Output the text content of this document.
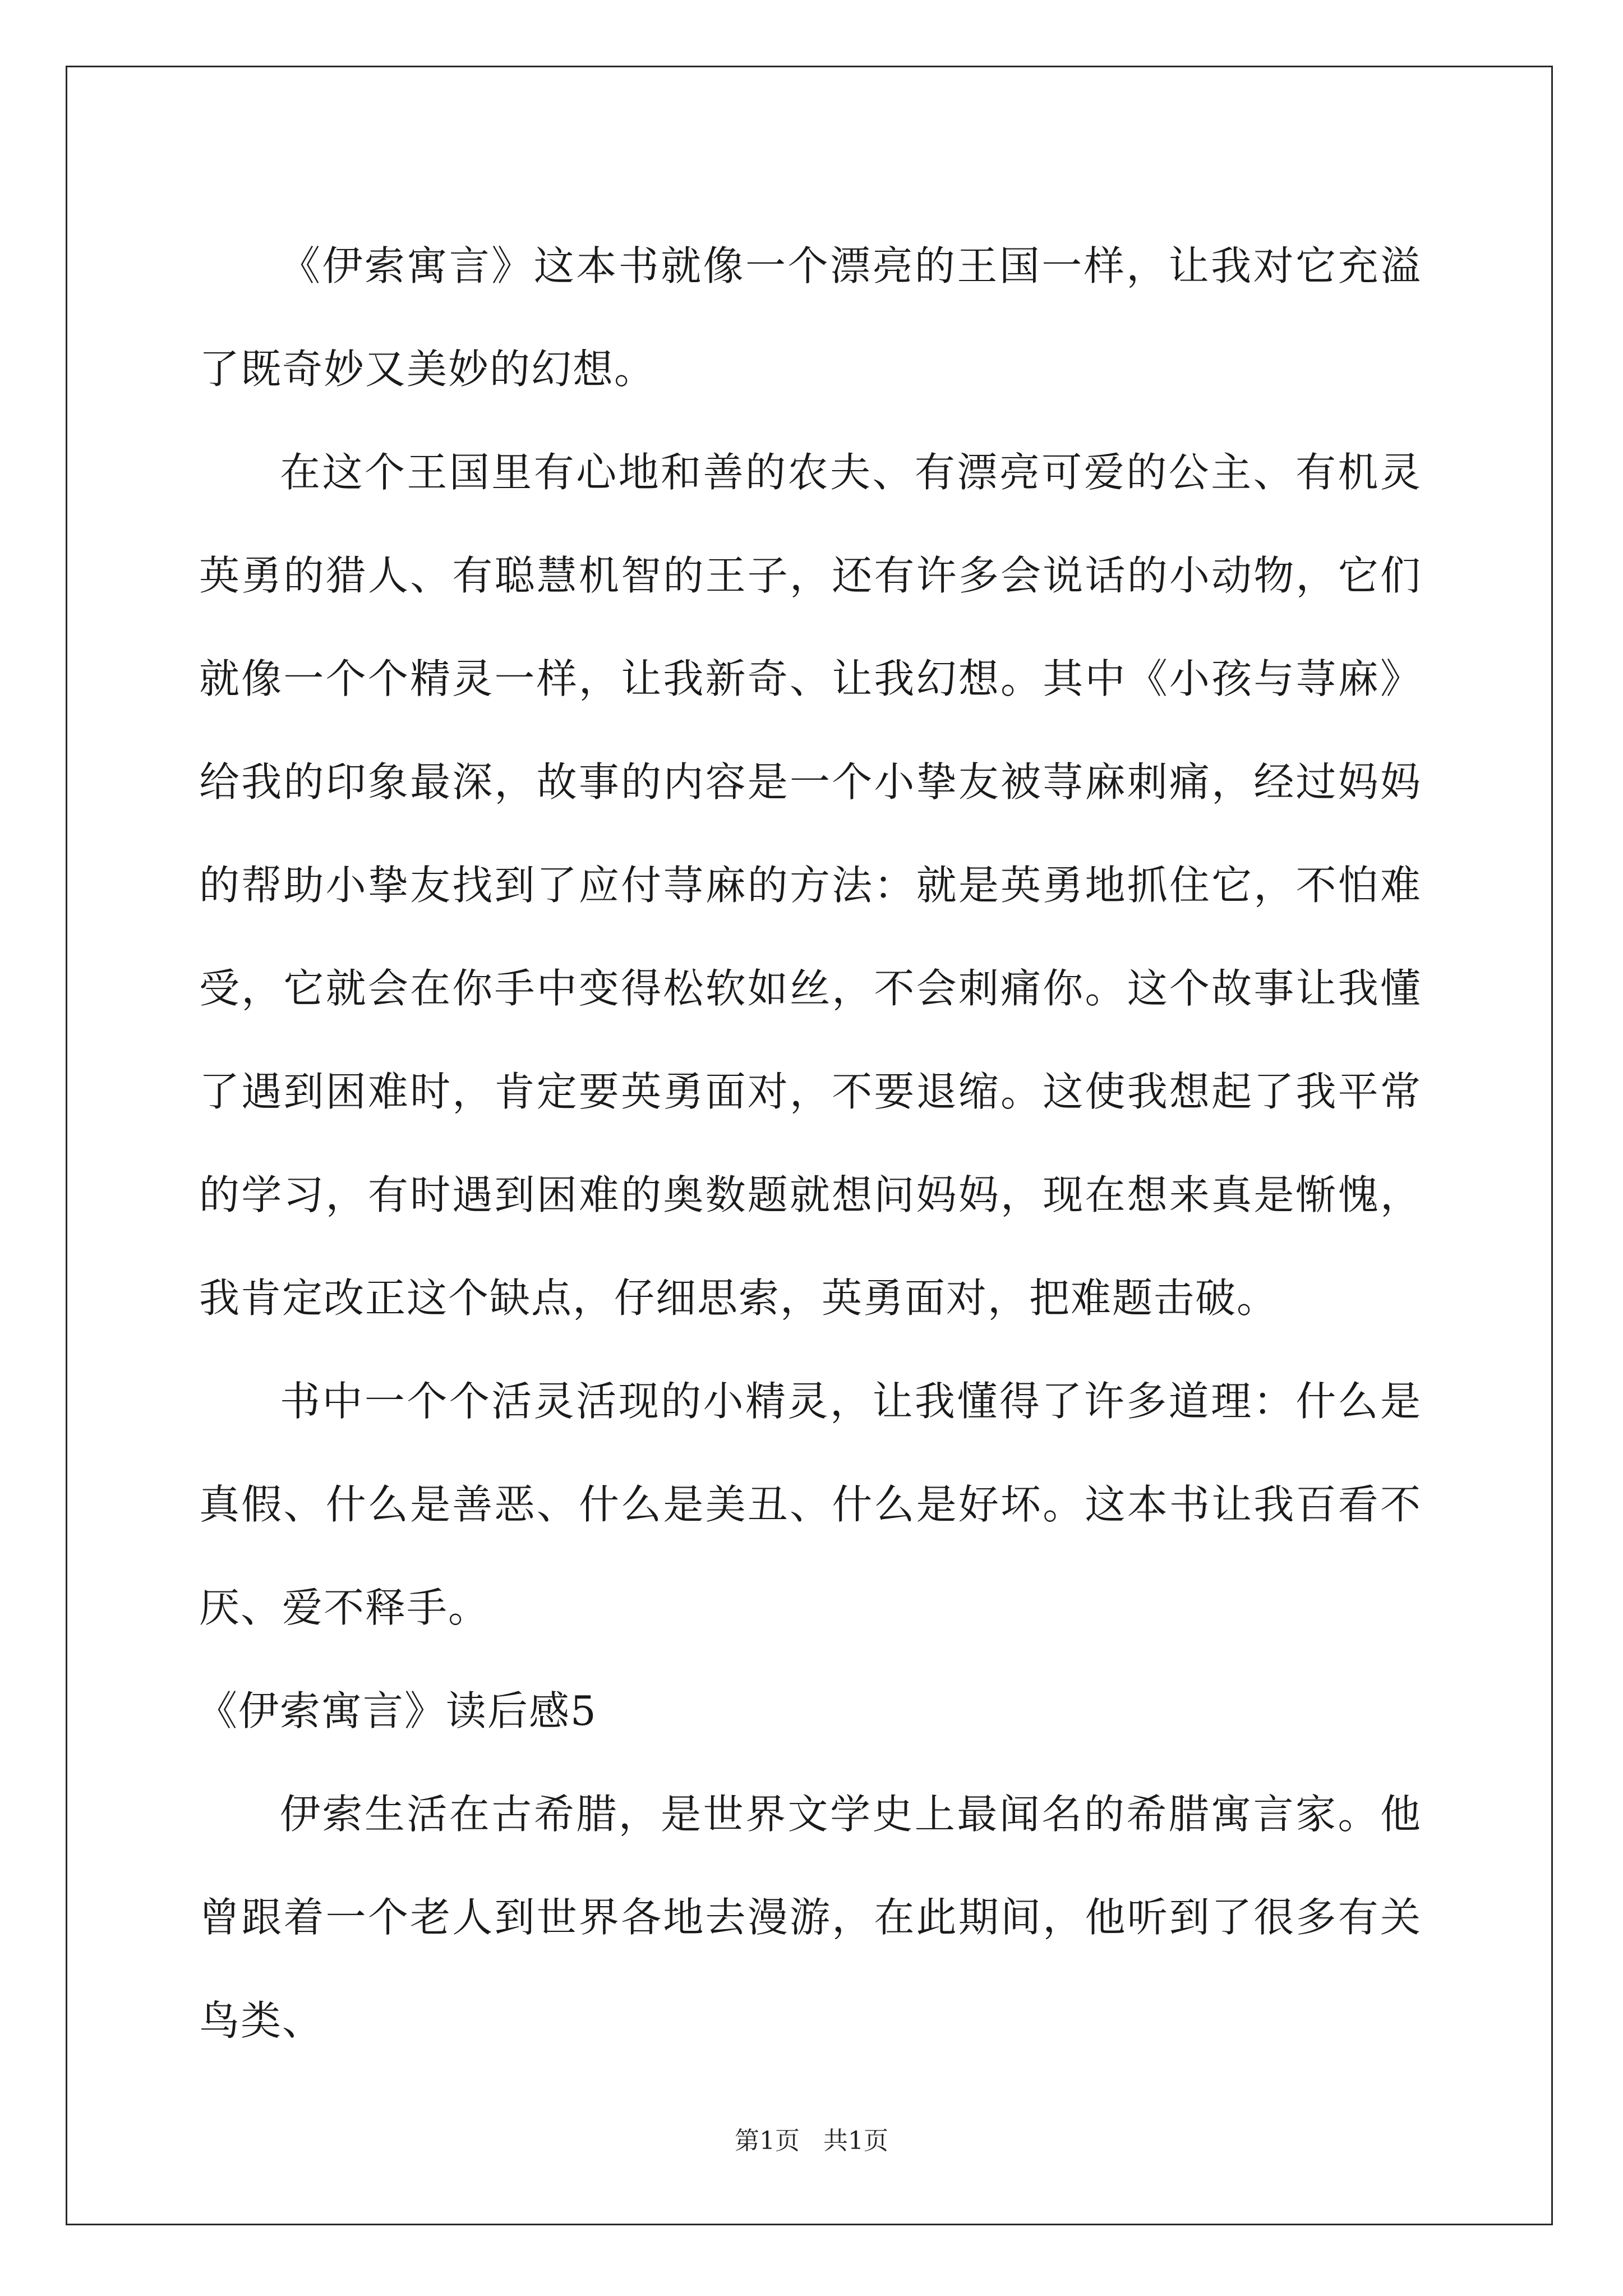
《伊索寓言》这本书就像一个漂亮的王国一样，让我对它充溢了既奇妙又美妙的幻想。

在这个王国里有心地和善的农夫、有漂亮可爱的公主、有机灵英勇的猎人、有聪慧机智的王子，还有许多会说话的小动物，它们就像一个个精灵一样，让我新奇、让我幻想。其中《小孩与荨麻》给我的印象最深，故事的内容是一个小挚友被荨麻刺痛，经过妈妈的帮助小挚友找到了应付荨麻的方法：就是英勇地抓住它，不怕难受，它就会在你手中变得松软如丝，不会刺痛你。这个故事让我懂了遇到困难时，肯定要英勇面对，不要退缩。这使我想起了我平常的学习，有时遇到困难的奥数题就想问妈妈，现在想来真是惭愧，我肯定改正这个缺点，仔细思索，英勇面对，把难题击破。

书中一个个活灵活现的小精灵，让我懂得了许多道理：什么是真假、什么是善恶、什么是美丑、什么是好坏。这本书让我百看不厌、爱不释手。

《伊索寓言》读后感5

伊索生活在古希腊，是世界文学史上最闻名的希腊寓言家。他曾跟着一个老人到世界各地去漫游，在此期间，他听到了很多有关鸟类、

第1页   共1页
